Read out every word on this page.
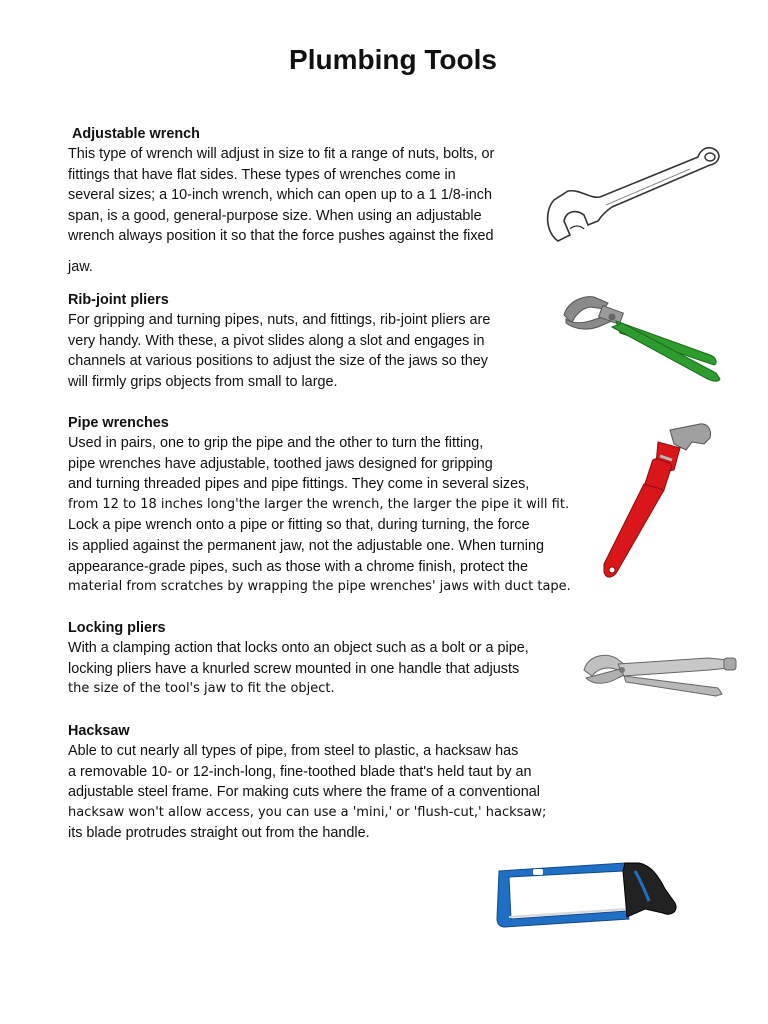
Plumbing Tools
Adjustable wrench
This type of wrench will adjust in size to fit a range of nuts, bolts, or
fittings that have flat sides. These types of wrenches come in
several sizes; a 10-inch wrench, which can open up to a 1 1/8-inch
span, is a good, general-purpose size. When using an adjustable
wrench always position it so that the force pushes against the fixed
jaw.
Rib-joint pliers
For gripping and turning pipes, nuts, and fittings, rib-joint pliers are
very handy. With these, a pivot slides along a slot and engages in
channels at various positions to adjust the size of the jaws so they
will firmly grips objects from small to large.
Pipe wrenches
Used in pairs, one to grip the pipe and the other to turn the fitting,
pipe wrenches have adjustable, toothed jaws designed for gripping
and turning threaded pipes and pipe fittings. They come in several sizes,
from 12 to 18 inches long'the larger the wrench, the larger the pipe it will fit.
Lock a pipe wrench onto a pipe or fitting so that, during turning, the force
is applied against the permanent jaw, not the adjustable one. When turning
appearance-grade pipes, such as those with a chrome finish, protect the
material from scratches by wrapping the pipe wrenches' jaws with duct tape.
Locking pliers
With a clamping action that locks onto an object such as a bolt or a pipe,
locking pliers have a knurled screw mounted in one handle that adjusts
the size of the tool's jaw to fit the object.
Hacksaw
Able to cut nearly all types of pipe, from steel to plastic, a hacksaw has
a removable 10- or 12-inch-long, fine-toothed blade that's held taut by an
adjustable steel frame. For making cuts where the frame of a conventional
hacksaw won't allow access, you can use a 'mini,' or 'flush-cut,' hacksaw;
its blade protrudes straight out from the handle.
